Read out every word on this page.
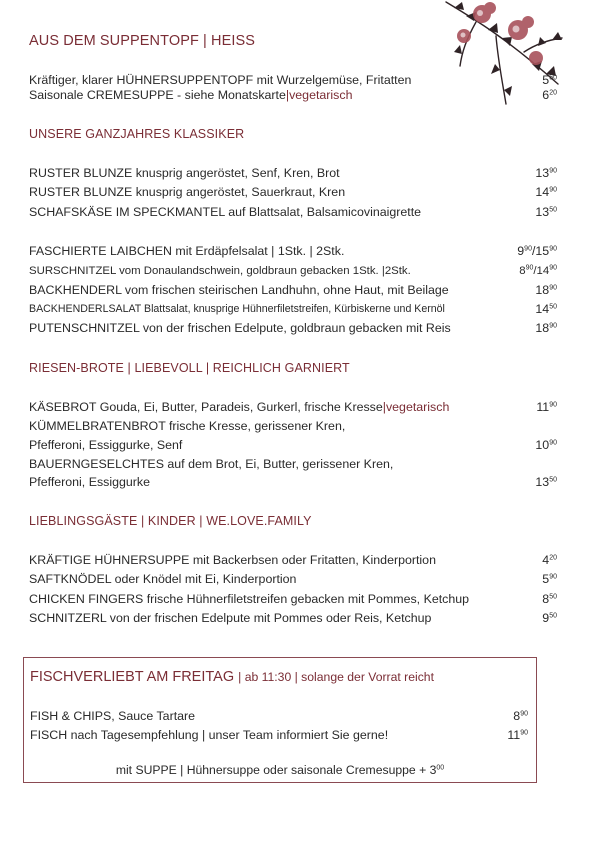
AUS DEM SUPPENTOPF | HEISS
Kräftiger, klarer HÜHNERSUPPENTOPF mit Wurzelgemüse, Fritatten	$5^{50}$
Saisonale CREMESUPPE - siehe Monatskarte|vegetarisch	$6^{20}$
UNSERE GANZJAHRES KLASSIKER
RUSTER BLUNZE knusprig angeröstet, Senf, Kren, Brot	$13^{90}$
RUSTER BLUNZE knusprig angeröstet, Sauerkraut, Kren	$14^{90}$
SCHAFSKÄSE IM SPECKMANTEL auf Blattsalat, Balsamicovinaigrette	$13^{50}$
FASCHIERTE LAIBCHEN mit Erdäpfelsalat | 1Stk. | 2Stk.	$9^{90}/15^{90}$
SURSCHNITZEL vom Donaulandschwein, goldbraun gebacken 1Stk. |2Stk.	$8^{90}/14^{90}$
BACKHENDERL vom frischen steirischen Landhuhn, ohne Haut, mit Beilage	$18^{90}$
BACKHENDERLSALAT Blattsalat, knusprige Hühnerfiletstreifen, Kürbiskerne und Kernöl	$14^{50}$
PUTENSCHNITZEL von der frischen Edelpute, goldbraun gebacken mit Reis	$18^{90}$
RIESEN-BROTE | LIEBEVOLL | REICHLICH GARNIERT
KÄSEBROT Gouda, Ei, Butter, Paradeis, Gurkerl, frische Kresse|vegetarisch	$11^{90}$
KÜMMELBRATENBROT frische Kresse, gerissener Kren,
Pfefferoni, Essiggurke, Senf	$10^{90}$
BAUERNGESELCHTES auf dem Brot, Ei, Butter, gerissener Kren,
Pfefferoni, Essiggurke	$13^{50}$
LIEBLINGSGÄSTE | KINDER | WE.LOVE.FAMILY
KRÄFTIGE HÜHNERSUPPE mit Backerbsen oder Fritatten, Kinderportion	$4^{20}$
SAFTKNÖDEL oder Knödel mit Ei, Kinderportion	$5^{90}$
CHICKEN FINGERS frische Hühnerfiletstreifen gebacken mit Pommes, Ketchup	$8^{50}$
SCHNITZERL von der frischen Edelpute mit Pommes oder Reis, Ketchup	$9^{50}$
FISCHVERLIEBT AM FREITAG | ab 11:30 | solange der Vorrat reicht
FISH & CHIPS, Sauce Tartare	$8^{90}$
FISCH nach Tagesempfehlung | unser Team informiert Sie gerne!	$11^{90}$
mit SUPPE | Hühnersuppe oder saisonale Cremesuppe + $3^{00}$
